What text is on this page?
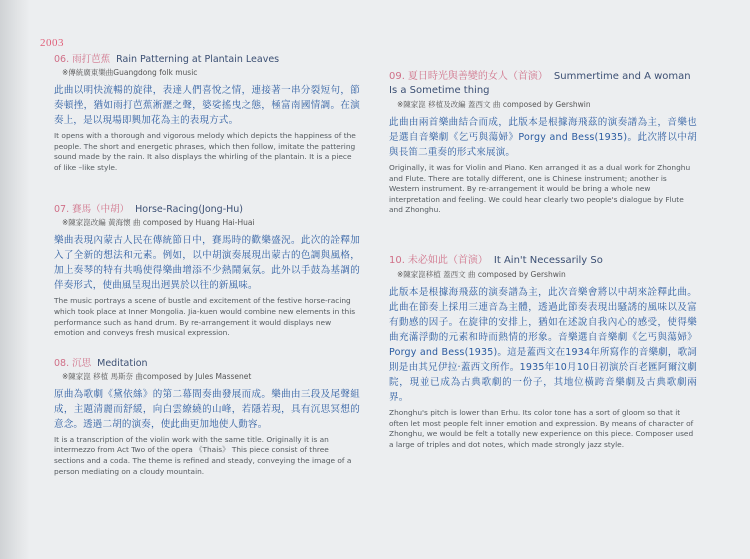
2003
06. 雨打芭蕉 Rain Patterning at Plantain Leaves
※傳統廣東樂曲Guangdong folk music

此曲以明快流暢的旋律，表達人們喜悅之情，連接著一串分裂短句，節奏頓挫，猶如雨打芭蕉淅瀝之聲，婆娑搖曳之態，極富南國情調。在演奏上，是以現場即興加花為主的表現方式。

It opens with a thorough and vigorous melody which depicts the happiness of the people. The short and energetic phrases, which then follow, imitate the pattering sound made by the rain. It also displays the whirling of the plantain. It is a piece of like –like style.

07. 賽馬（中胡） Horse-Racing(Jong-Hu)
※陳家崑改編 黃海懷 曲 composed by Huang Hai-Huai

樂曲表現內蒙古人民在傳統節日中，賽馬時的歡樂盛況。此次的詮釋加入了全新的想法和元素。例如，以中胡演奏展現出蒙古的色調與風格，加上奏琴的特有共鳴使得樂曲增添不少熱鬧氣氛。此外以手鼓為基調的伴奏形式，使曲風呈現出迥異於以往的新風味。

The music portrays a scene of bustle and excitement of the festive horse-racing which took place at Inner Mongolia. Jia-kuen would combine new elements in this performance such as hand drum. By re-arrangement it would displays new emotion and conveys fresh musical expression.

08. 沉思 Meditation
※陳家崑 移植 馬斯奈 曲composed by Jules Massenet

原曲為歌劇《黛依絲》的第二幕間奏曲發展而成。樂曲由三段及尾聲組成，主題清麗而舒緩，向白雲繚繞的山峰，若隱若現，具有沉思冥想的意念。透過二胡的演奏，使此曲更加地使人動容。

It is a transcription of the violin work with the same title. Originally it is an intermezzo from Act Two of the opera 《Thais》 This piece consist of three sections and a coda. The theme is refined and steady, conveying the image of a person mediating on a cloudy mountain.

09. 夏日時光與善變的女人（首演） Summertime and A woman Is a Sometime thing
※陳家崑 移植及改編 蓋西文 曲 composed by Gershwin

此曲由兩首樂曲結合而成，此版本是根據海飛茲的演奏譜為主，音樂也是選自音樂劇《乞丐與蕩婦》Porgy and Bess(1935)。此次將以中胡與長笛二重奏的形式來展演。

Originally, it was for Violin and Piano. Ken arranged it as a dual work for Zhonghu and Flute. There are totally different, one is Chinese instrument; another is Western instrument. By re-arrangement it would be bring a whole new interpretation and feeling. We could hear clearly two people's dialogue by Flute and Zhonghu.

10. 未必如此（首演） It Ain't Necessarily So
※陳家崑移植 蓋西文 曲 composed by Gershwin

此版本是根據海飛茲的演奏譜為主，此次音樂會將以中胡來詮釋此曲。此曲在節奏上採用三連音為主體，透過此節奏表現出騷誘的風味以及富有動感的因子。在旋律的安排上，猶如在述說自我內心的感受，使得樂曲充滿浮動的元素和時而熱情的形象。音樂選自音樂劇《乞丐與蕩婦》Porgy and Bess(1935)。這是蓋西文在1934年所寫作的音樂劇，歌詞則是由其兄伊拉·蓋西文所作。1935年10月10日初演於百老匯阿爾汶劇院，現並已成為古典歌劇的一份子，其地位橫跨音樂劇及古典歌劇兩界。

Zhonghu's pitch is lower than Erhu. Its color tone has a sort of gloom so that it often let most people felt inner emotion and expression. By means of character of Zhonghu, we would be felt a totally new experience on this piece. Composer used a large of triples and dot notes, which made strongly jazz style.
